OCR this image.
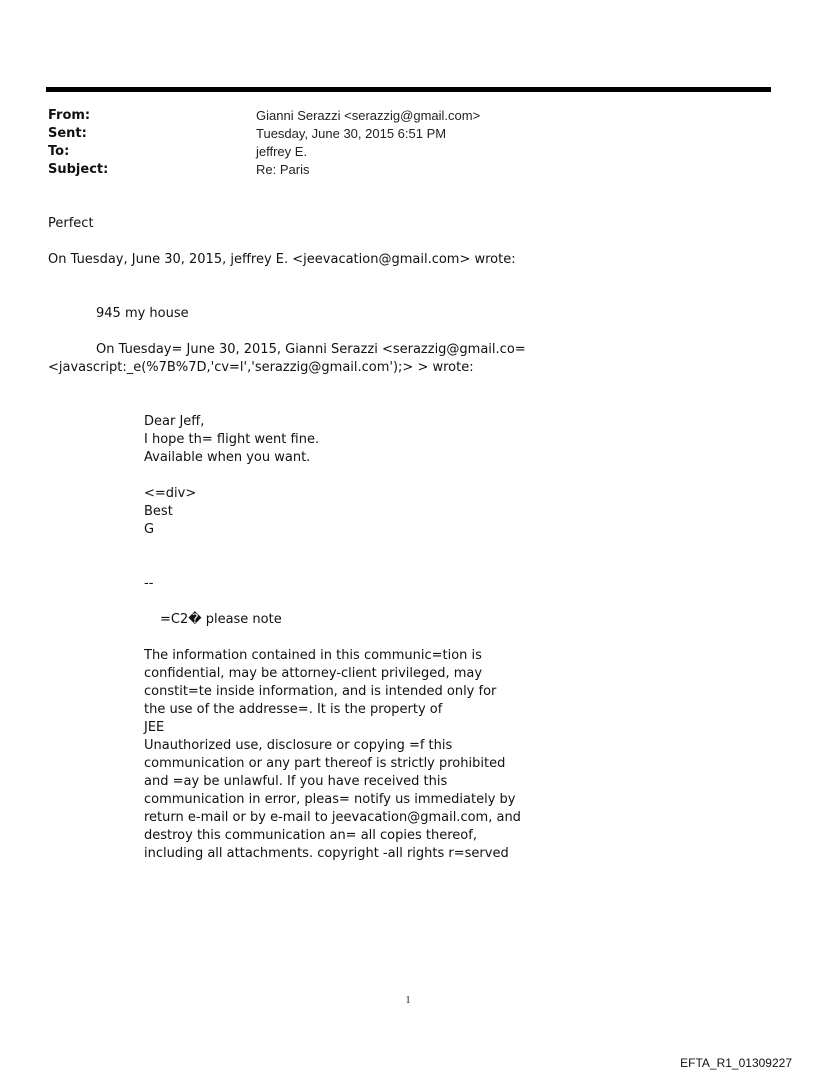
From:	Gianni Serazzi <serazzig@gmail.com>
Sent:	Tuesday, June 30, 2015 6:51 PM
To:	jeffrey E.
Subject:	Re: Paris
Perfect
On Tuesday, June 30, 2015, jeffrey E. <jeevacation@gmail.com> wrote:
945 my house
On Tuesday= June 30, 2015, Gianni Serazzi <serazzig@gmail.co=
<javascript:_e(%7B%7D,'cv=l','serazzig@gmail.com');> > wrote:
Dear Jeff,
I hope th= flight went fine.
Available when you want.
<=div>
Best
G
--
=C2� please note
The information contained in this communic=tion is
confidential, may be attorney-client privileged, may
constit=te inside information, and is intended only for
the use of the addresse=. It is the property of
JEE
Unauthorized use, disclosure or copying =f this
communication or any part thereof is strictly prohibited
and =ay be unlawful. If you have received this
communication in error, pleas= notify us immediately by
return e-mail or by e-mail to jeevacation@gmail.com, and
destroy this communication an= all copies thereof,
including all attachments. copyright -all rights r=served
1
EFTA_R1_01309227
